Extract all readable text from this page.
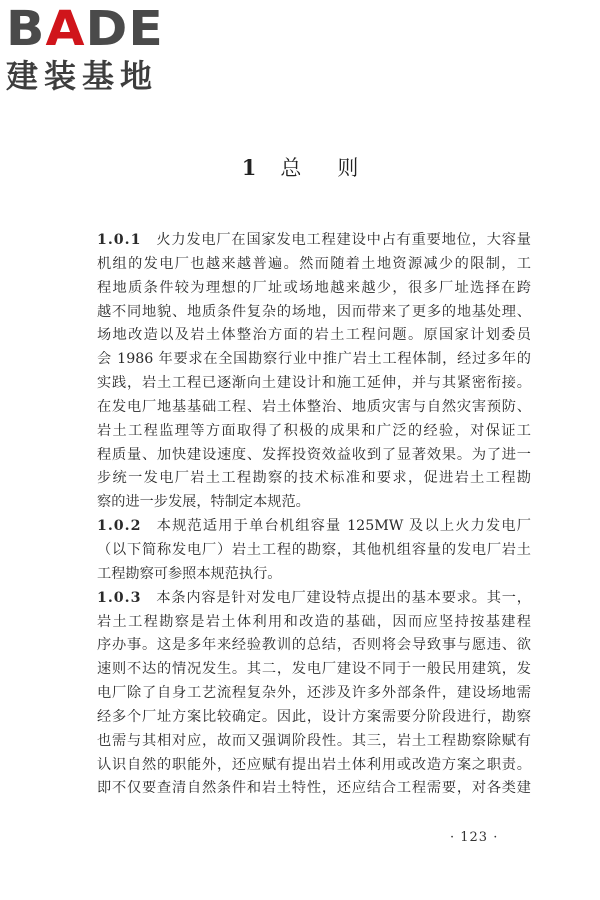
BADE
建装基地
1 总 则
1.0.1 火力发电厂在国家发电工程建设中占有重要地位，大容量
机组的发电厂也越来越普遍。然而随着土地资源减少的限制，工
程地质条件较为理想的厂址或场地越来越少，很多厂址选择在跨
越不同地貌、地质条件复杂的场地，因而带来了更多的地基处理、
场地改造以及岩土体整治方面的岩土工程问题。原国家计划委员
会 1986 年要求在全国勘察行业中推广岩土工程体制，经过多年的
实践，岩土工程已逐渐向土建设计和施工延伸，并与其紧密衔接。
在发电厂地基基础工程、岩土体整治、地质灾害与自然灾害预防、
岩土工程监理等方面取得了积极的成果和广泛的经验，对保证工
程质量、加快建设速度、发挥投资效益收到了显著效果。为了进一
步统一发电厂岩土工程勘察的技术标准和要求，促进岩土工程勘
察的进一步发展，特制定本规范。
1.0.2 本规范适用于单台机组容量 125MW 及以上火力发电厂
（以下简称发电厂）岩土工程的勘察，其他机组容量的发电厂岩土
工程勘察可参照本规范执行。
1.0.3 本条内容是针对发电厂建设特点提出的基本要求。其一，
岩土工程勘察是岩土体利用和改造的基础，因而应坚持按基建程
序办事。这是多年来经验教训的总结，否则将会导致事与愿违、欲
速则不达的情况发生。其二，发电厂建设不同于一般民用建筑，发
电厂除了自身工艺流程复杂外，还涉及许多外部条件，建设场地需
经多个厂址方案比较确定。因此，设计方案需要分阶段进行，勘察
也需与其相对应，故而又强调阶段性。其三，岩土工程勘察除赋有
认识自然的职能外，还应赋有提出岩土体利用或改造方案之职责。
即不仅要查清自然条件和岩土特性，还应结合工程需要，对各类建
· 123 ·
